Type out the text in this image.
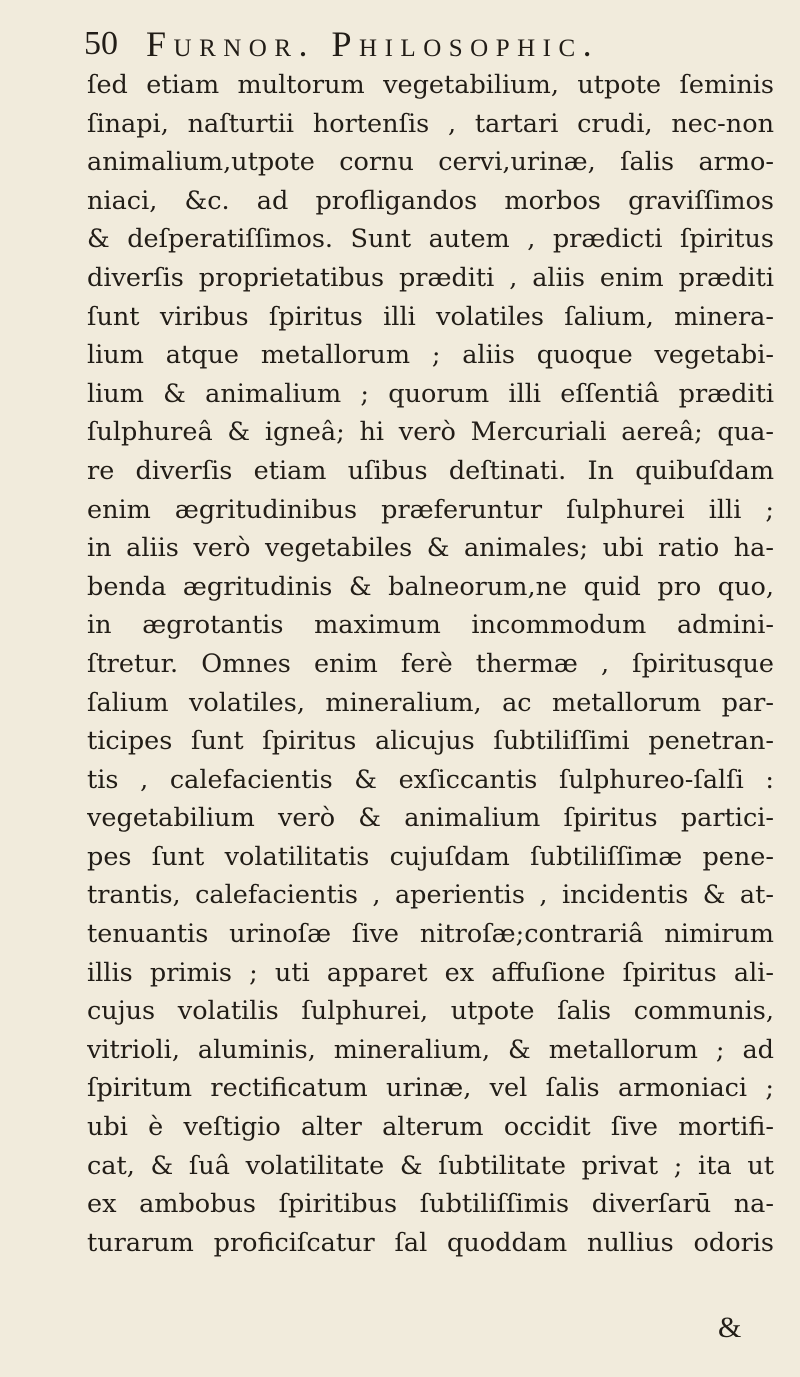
50 Furnor. Philosophic.
ſed etiam multorum vegetabilium, utpote ſeminis
ſinapi, naſturtii hortenſis , tartari crudi, nec-non
animalium,utpote cornu cervi,urinæ, ſalis armo-
niaci, &c. ad profligandos morbos graviſſimos
& deſperatiſſimos. Sunt autem , prædicti ſpiritus
diverſis proprietatibus præditi , aliis enim præditi
ſunt viribus ſpiritus illi volatiles ſalium, minera-
lium atque metallorum ; aliis quoque vegetabi-
lium & animalium ; quorum illi eſſentiâ præditi
ſulphureâ & igneâ; hi verò Mercuriali aereâ; qua-
re diverſis etiam uſibus deſtinati. In quibuſdam
enim ægritudinibus præferuntur ſulphurei illi ;
in aliis verò vegetabiles & animales; ubi ratio ha-
benda ægritudinis & balneorum,ne quid pro quo,
in ægrotantis maximum incommodum admini-
ſtretur. Omnes enim ferè thermæ , ſpiritusque
ſalium volatiles, mineralium, ac metallorum par-
ticipes ſunt ſpiritus alicujus ſubtiliſſimi penetran-
tis , calefacientis & exſiccantis ſulphureo-ſalſi :
vegetabilium verò & animalium ſpiritus partici-
pes ſunt volatilitatis cujuſdam ſubtiliſſimæ pene-
trantis, calefacientis , aperientis , incidentis & at-
tenuantis urinoſæ ſive nitroſæ;contrariâ nimirum
illis primis ; uti apparet ex affuſione ſpiritus ali-
cujus volatilis ſulphurei, utpote ſalis communis,
vitrioli, aluminis, mineralium, & metallorum ; ad
ſpiritum rectificatum urinæ, vel ſalis armoniaci ;
ubi è veſtigio alter alterum occidit ſive mortifi-
cat, & ſuâ volatilitate & ſubtilitate privat ; ita ut
ex ambobus ſpiritibus ſubtiliſſimis diverſarū na-
turarum proficiſcatur ſal quoddam nullius odoris
&
